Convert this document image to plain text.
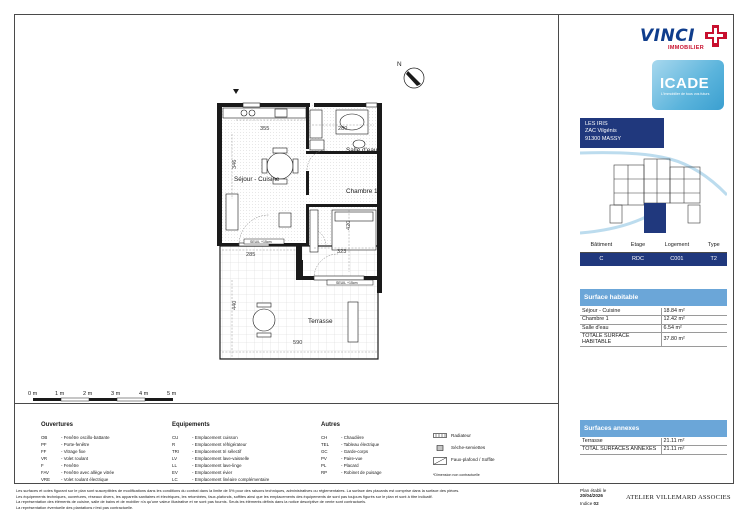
SEUIL +15cm
SEUIL +15cm
Séjour - Cuisine
Salle d'eau
Chambre 1
Terrasse
355	280
346
420
323
285
440
590
N
0 m	1 m	2 m	3 m	4 m	5 m
VINCI
IMMOBILIER
ICADE
L'immobilier de tous vos futurs
LES IRIS
ZAC Vilgénis
91300 MASSY
Bâtiment	Etage	Logement	Type
C	RDC	C001	T2
Surface habitable
Séjour - Cuisine	18.84 m²
Chambre 1	12.42 m²
Salle d'eau	6.54 m²
TOTALE SURFACE HABITABLE	37.80 m²
Surfaces annexes
Terrasse	21.11 m²
TOTAL SURFACES ANNEXES	21.11 m²
Ouvertures
OB	- Fenêtre oscillo-battante
PF	- Porte-fenêtre
FF	- Vitrage fixe
VR	- Volet roulant
F	- Fenêtre
FAV	- Fenêtre avec allège vitrée
VRE - Volet roulant électrique
Equipements
CU	- Emplacement cuisson
R	- Emplacement réfrigérateur
TRI	- Emplacement tri sélectif
LV	- Emplacement lave-vaisselle
LL	- Emplacement lave-linge
EV	- Emplacement évier
LC	- Emplacement linéaire complémentaire
Autres
CH	- Chaudière
TEL	- Tableau électrique
GC	- Garde-corps
PV	- Paire-vue
PL	- Placard
RP	- Robinet de puisage
Radiateur
Sèche-serviettes
Faux-plafond / Soffite
*Dimension non contractuelle
Les surfaces et cotes figurant sur le plan sont susceptibles de modifications dans les conditions du contrat dans la limite de 5% pour des raisons techniques, administratives ou réglementaires. La surface des placards est comprise dans la surface des pièces.
Les équipements techniques, ouvertures, réseaux divers, les appareils sanitaires et électriques, les retombées, faux-plafonds, soffites ainsi que les emplacements des équipements de sont pas toujours figurés sur le plan et sont à titre indicatif.
La représentation des éléments de cuisine, salle de bains et de mobilier n'a qu'une valeur illustrative et ne sont pas fournis. Seuls les éléments définis dans la notice descriptive de vente sont contractuels.
La représentation éventuelle des plantations n'est pas contractuelle.
Plan établi le
20/04/2026
Indice 02
ATELIER VILLEMARD ASSOCIES
